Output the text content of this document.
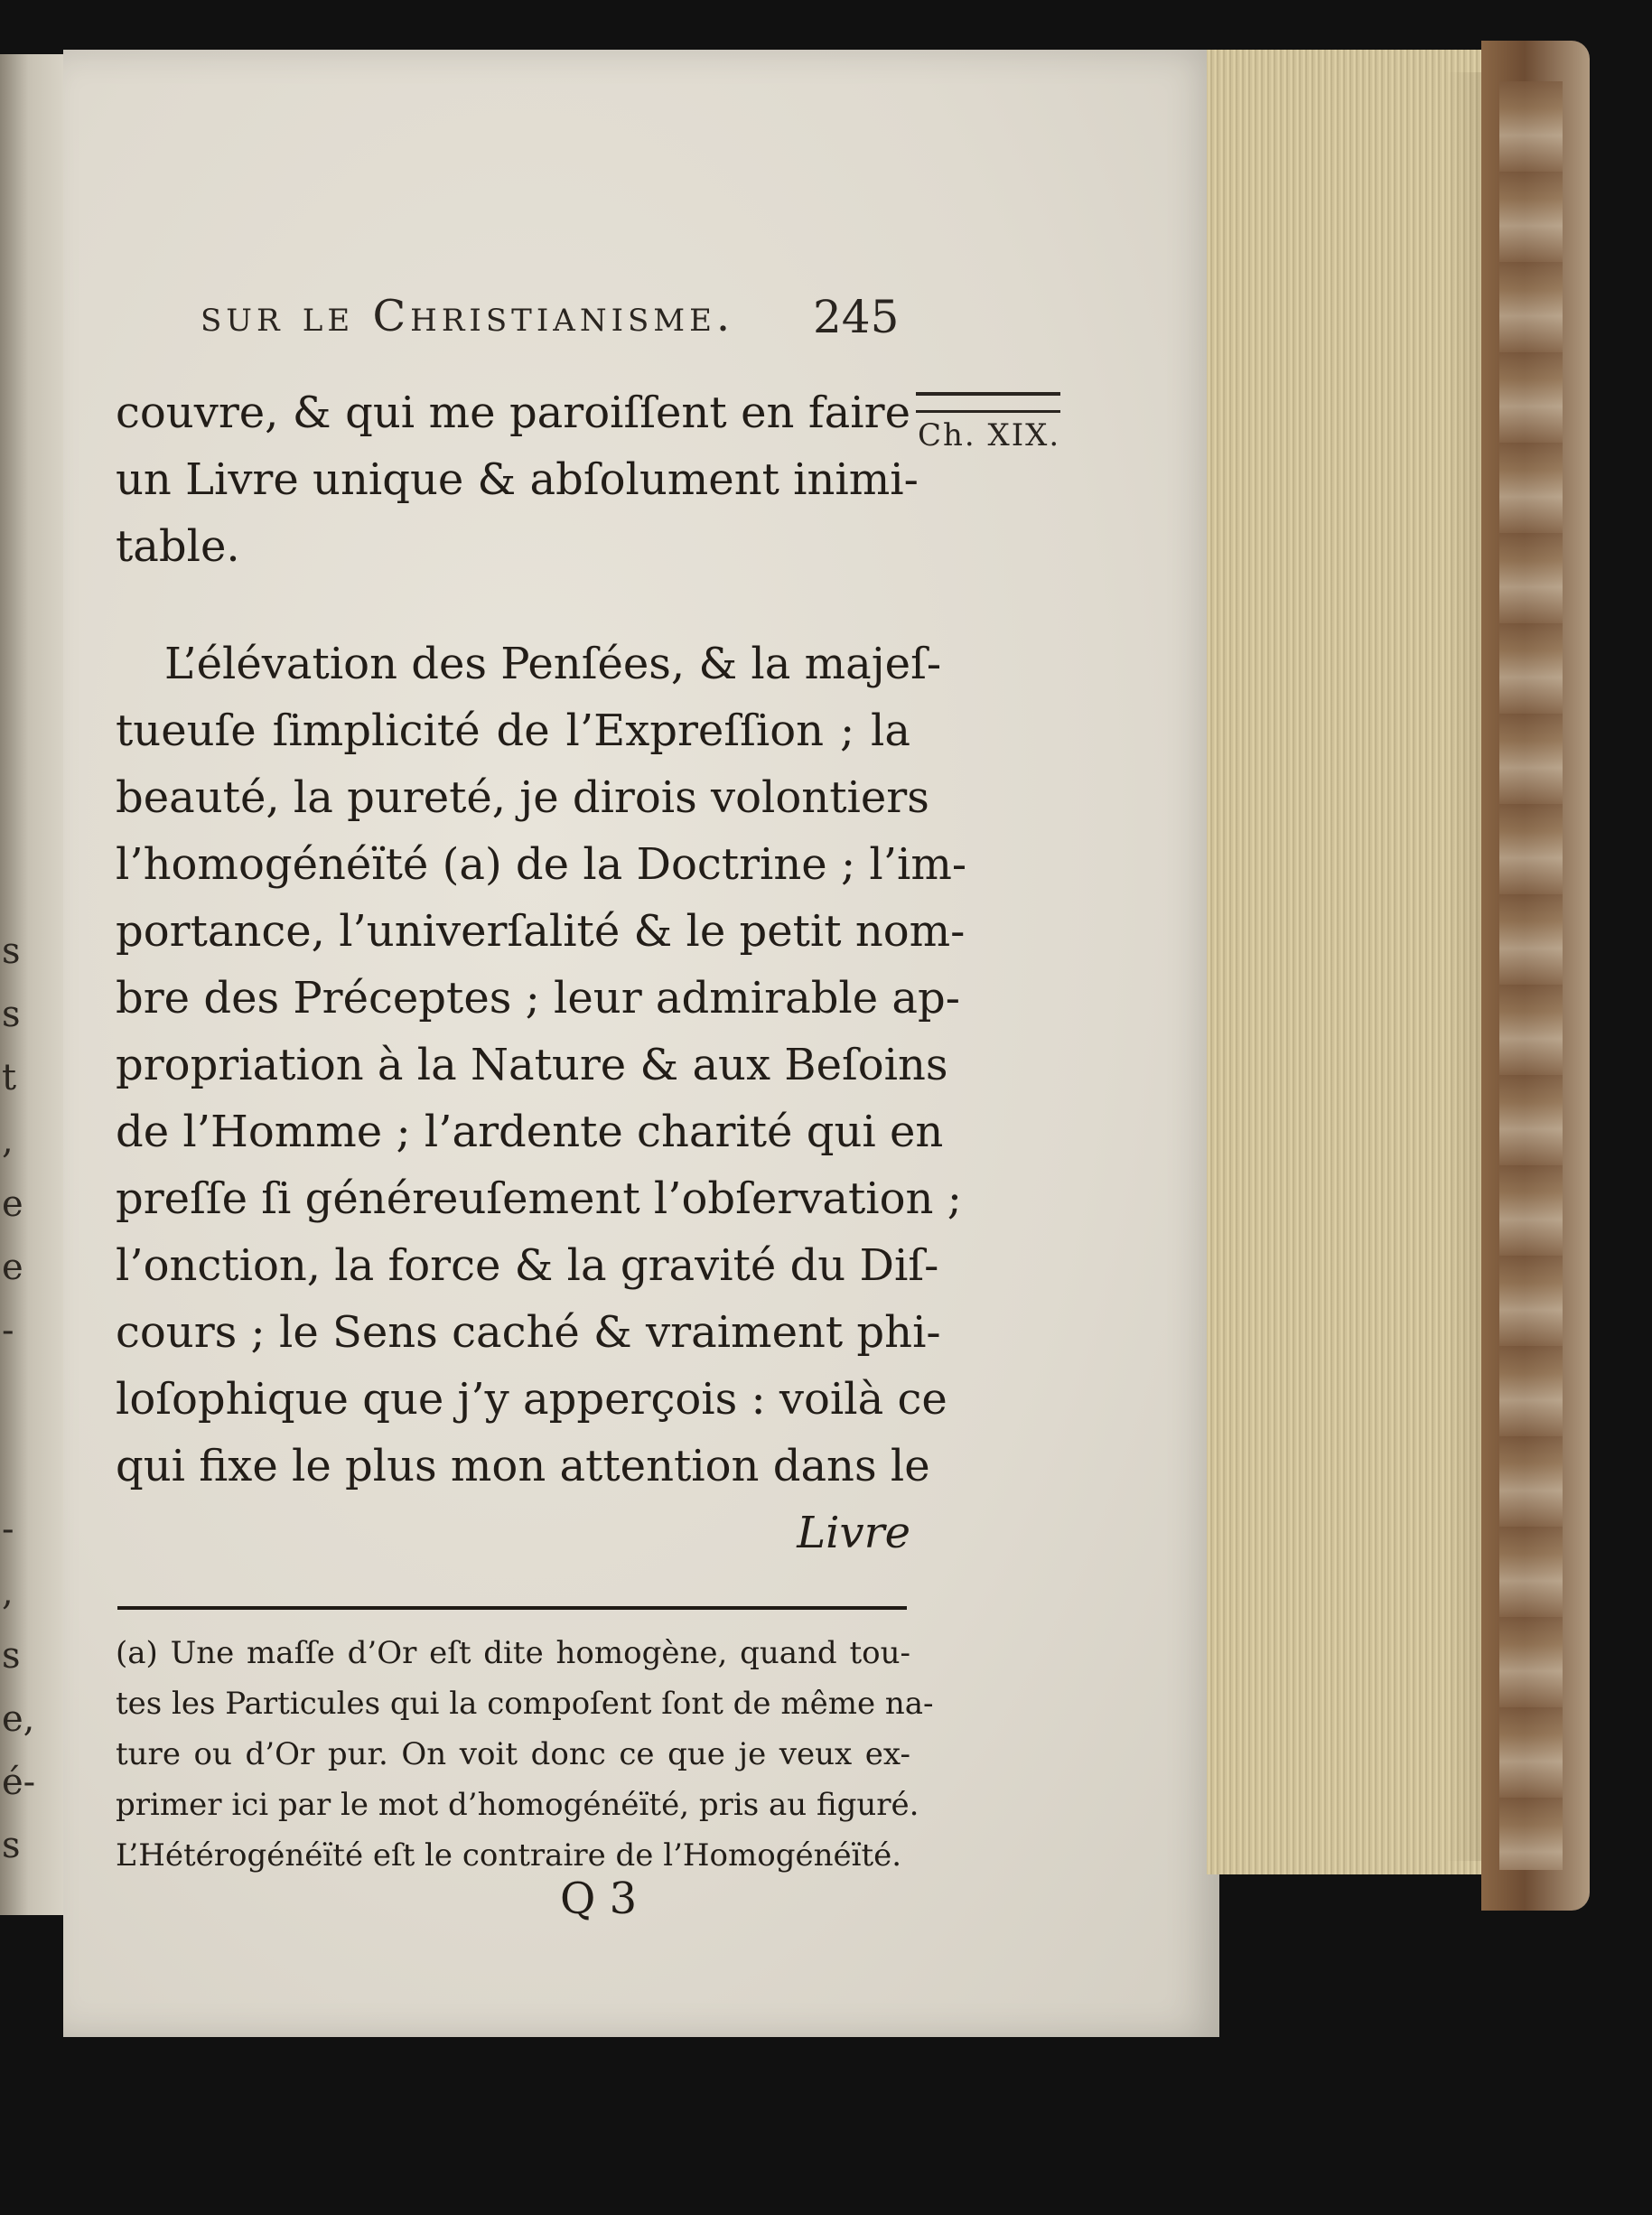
s
s
t
,
e
e
-
-
,
s
e,
é-
s
sur le Christianisme.	245
Ch. XIX.
couvre, & qui me paroiſſent en faire
un Livre unique & abſolument inimi-
table.
L’élévation des Penſées, & la majeſ-
tueuſe ſimplicité de l’Expreſſion ; la
beauté, la pureté, je dirois volontiers
l’homogénéïté (a) de la Doctrine ; l’im-
portance, l’univerſalité & le petit nom-
bre des Préceptes ; leur admirable ap-
propriation à la Nature & aux Beſoins
de l’Homme ; l’ardente charité qui en
preſſe ſi généreuſement l’obſervation ;
l’onction, la force & la gravité du Diſ-
cours ; le Sens caché & vraiment phi-
loſophique que j’y apperçois : voilà ce
qui fixe le plus mon attention dans le
Livre
(a) Une maſſe d’Or eſt dite homogène, quand tou-
tes les Particules qui la compoſent ſont de même na-
ture ou d’Or pur. On voit donc ce que je veux ex-
primer ici par le mot d’homogénéïté, pris au figuré.
L’Hétérogénéïté eſt le contraire de l’Homogénéïté.
Q 3
